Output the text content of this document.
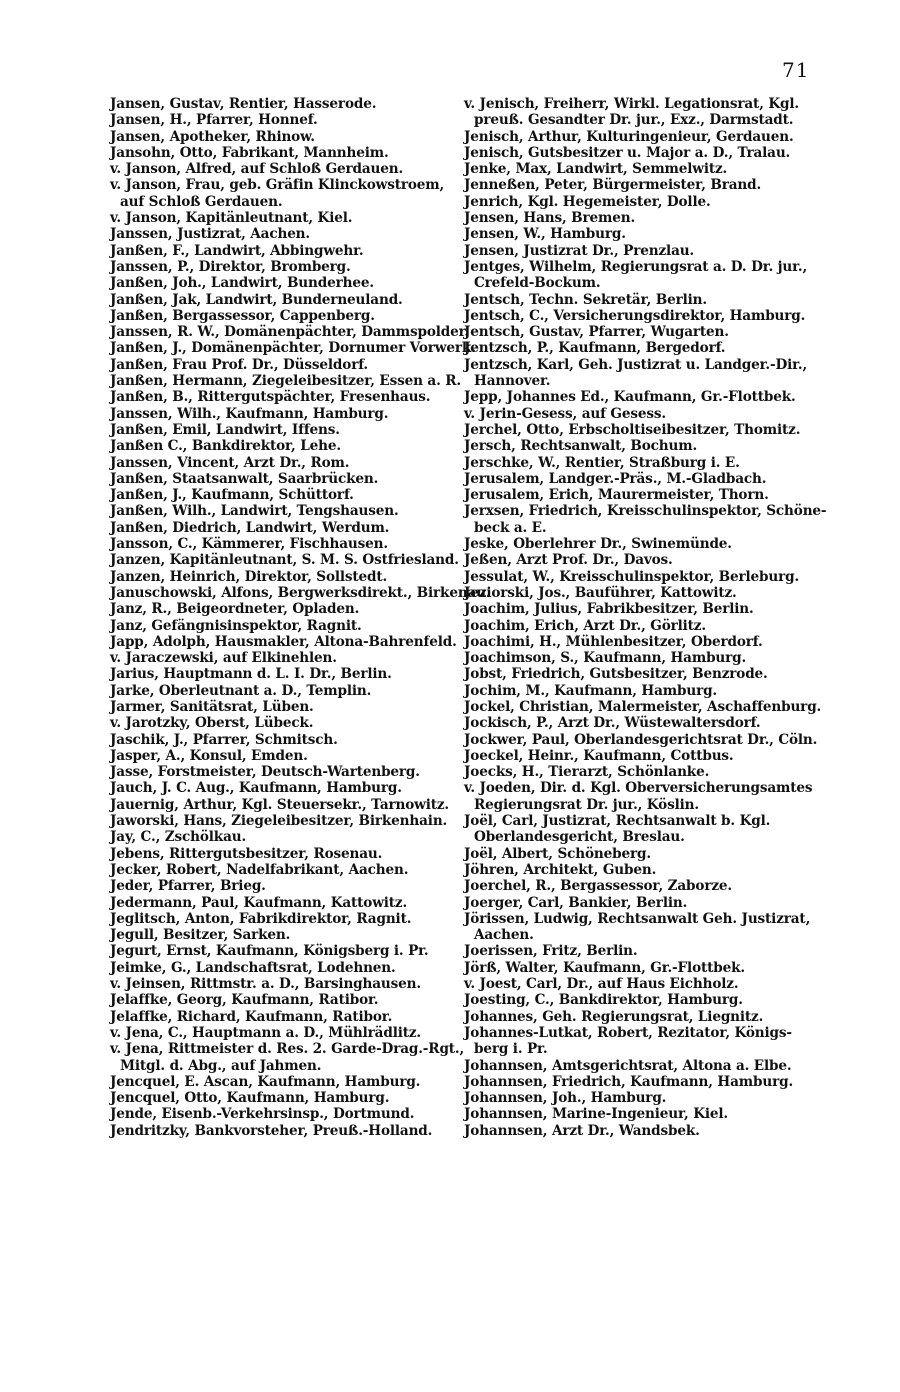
71
Jansen, Gustav, Rentier, Hasserode.
Jansen, H., Pfarrer, Honnef.
Jansen, Apotheker, Rhinow.
Jansohn, Otto, Fabrikant, Mannheim.
v. Janson, Alfred, auf Schloß Gerdauen.
v. Janson, Frau, geb. Gräfin Klinckowstroem,
auf Schloß Gerdauen.
v. Janson, Kapitänleutnant, Kiel.
Janssen, Justizrat, Aachen.
Janßen, F., Landwirt, Abbingwehr.
Janssen, P., Direktor, Bromberg.
Janßen, Joh., Landwirt, Bunderhee.
Janßen, Jak, Landwirt, Bunderneuland.
Janßen, Bergassessor, Cappenberg.
Janssen, R. W., Domänenpächter, Dammspolder.
Janßen, J., Domänenpächter, Dornumer Vorwerk.
Janßen, Frau Prof. Dr., Düsseldorf.
Janßen, Hermann, Ziegeleibesitzer, Essen a. R.
Janßen, B., Rittergutspächter, Fresenhaus.
Janssen, Wilh., Kaufmann, Hamburg.
Janßen, Emil, Landwirt, Iffens.
Janßen C., Bankdirektor, Lehe.
Janssen, Vincent, Arzt Dr., Rom.
Janßen, Staatsanwalt, Saarbrücken.
Janßen, J., Kaufmann, Schüttorf.
Janßen, Wilh., Landwirt, Tengshausen.
Janßen, Diedrich, Landwirt, Werdum.
Jansson, C., Kämmerer, Fischhausen.
Janzen, Kapitänleutnant, S. M. S. Ostfriesland.
Janzen, Heinrich, Direktor, Sollstedt.
Januschowski, Alfons, Bergwerksdirekt., Birkenau.
Janz, R., Beigeordneter, Opladen.
Janz, Gefängnisinspektor, Ragnit.
Japp, Adolph, Hausmakler, Altona-Bahrenfeld.
v. Jaraczewski, auf Elkinehlen.
Jarius, Hauptmann d. L. I. Dr., Berlin.
Jarke, Oberleutnant a. D., Templin.
Jarmer, Sanitätsrat, Lüben.
v. Jarotzky, Oberst, Lübeck.
Jaschik, J., Pfarrer, Schmitsch.
Jasper, A., Konsul, Emden.
Jasse, Forstmeister, Deutsch-Wartenberg.
Jauch, J. C. Aug., Kaufmann, Hamburg.
Jauernig, Arthur, Kgl. Steuersekr., Tarnowitz.
Jaworski, Hans, Ziegeleibesitzer, Birkenhain.
Jay, C., Zschölkau.
Jebens, Rittergutsbesitzer, Rosenau.
Jecker, Robert, Nadelfabrikant, Aachen.
Jeder, Pfarrer, Brieg.
Jedermann, Paul, Kaufmann, Kattowitz.
Jeglitsch, Anton, Fabrikdirektor, Ragnit.
Jegull, Besitzer, Sarken.
Jegurt, Ernst, Kaufmann, Königsberg i. Pr.
Jeimke, G., Landschaftsrat, Lodehnen.
v. Jeinsen, Rittmstr. a. D., Barsinghausen.
Jelaffke, Georg, Kaufmann, Ratibor.
Jelaffke, Richard, Kaufmann, Ratibor.
v. Jena, C., Hauptmann a. D., Mühlrädlitz.
v. Jena, Rittmeister d. Res. 2. Garde-Drag.-Rgt.,
Mitgl. d. Abg., auf Jahmen.
Jencquel, E. Ascan, Kaufmann, Hamburg.
Jencquel, Otto, Kaufmann, Hamburg.
Jende, Eisenb.-Verkehrsinsp., Dortmund.
Jendritzky, Bankvorsteher, Preuß.-Holland.
v. Jenisch, Freiherr, Wirkl. Legationsrat, Kgl.
preuß. Gesandter Dr. jur., Exz., Darmstadt.
Jenisch, Arthur, Kulturingenieur, Gerdauen.
Jenisch, Gutsbesitzer u. Major a. D., Tralau.
Jenke, Max, Landwirt, Semmelwitz.
Jenneßen, Peter, Bürgermeister, Brand.
Jenrich, Kgl. Hegemeister, Dolle.
Jensen, Hans, Bremen.
Jensen, W., Hamburg.
Jensen, Justizrat Dr., Prenzlau.
Jentges, Wilhelm, Regierungsrat a. D. Dr. jur.,
Crefeld-Bockum.
Jentsch, Techn. Sekretär, Berlin.
Jentsch, C., Versicherungsdirektor, Hamburg.
Jentsch, Gustav, Pfarrer, Wugarten.
Jentzsch, P., Kaufmann, Bergedorf.
Jentzsch, Karl, Geh. Justizrat u. Landger.-Dir.,
Hannover.
Jepp, Johannes Ed., Kaufmann, Gr.-Flottbek.
v. Jerin-Gesess, auf Gesess.
Jerchel, Otto, Erbscholtiseibesitzer, Thomitz.
Jersch, Rechtsanwalt, Bochum.
Jerschke, W., Rentier, Straßburg i. E.
Jerusalem, Landger.-Präs., M.-Gladbach.
Jerusalem, Erich, Maurermeister, Thorn.
Jerxsen, Friedrich, Kreisschulinspektor, Schöne-
beck a. E.
Jeske, Oberlehrer Dr., Swinemünde.
Jeßen, Arzt Prof. Dr., Davos.
Jessulat, W., Kreisschulinspektor, Berleburg.
Jeziorski, Jos., Bauführer, Kattowitz.
Joachim, Julius, Fabrikbesitzer, Berlin.
Joachim, Erich, Arzt Dr., Görlitz.
Joachimi, H., Mühlenbesitzer, Oberdorf.
Joachimson, S., Kaufmann, Hamburg.
Jobst, Friedrich, Gutsbesitzer, Benzrode.
Jochim, M., Kaufmann, Hamburg.
Jockel, Christian, Malermeister, Aschaffenburg.
Jockisch, P., Arzt Dr., Wüstewaltersdorf.
Jockwer, Paul, Oberlandesgerichtsrat Dr., Cöln.
Joeckel, Heinr., Kaufmann, Cottbus.
Joecks, H., Tierarzt, Schönlanke.
v. Joeden, Dir. d. Kgl. Oberversicherungsamtes
Regierungsrat Dr. jur., Köslin.
Joël, Carl, Justizrat, Rechtsanwalt b. Kgl.
Oberlandesgericht, Breslau.
Joël, Albert, Schöneberg.
Jöhren, Architekt, Guben.
Joerchel, R., Bergassessor, Zaborze.
Joerger, Carl, Bankier, Berlin.
Jörissen, Ludwig, Rechtsanwalt Geh. Justizrat,
Aachen.
Joerissen, Fritz, Berlin.
Jörß, Walter, Kaufmann, Gr.-Flottbek.
v. Joest, Carl, Dr., auf Haus Eichholz.
Joesting, C., Bankdirektor, Hamburg.
Johannes, Geh. Regierungsrat, Liegnitz.
Johannes-Lutkat, Robert, Rezitator, Königs-
berg i. Pr.
Johannsen, Amtsgerichtsrat, Altona a. Elbe.
Johannsen, Friedrich, Kaufmann, Hamburg.
Johannsen, Joh., Hamburg.
Johannsen, Marine-Ingenieur, Kiel.
Johannsen, Arzt Dr., Wandsbek.
